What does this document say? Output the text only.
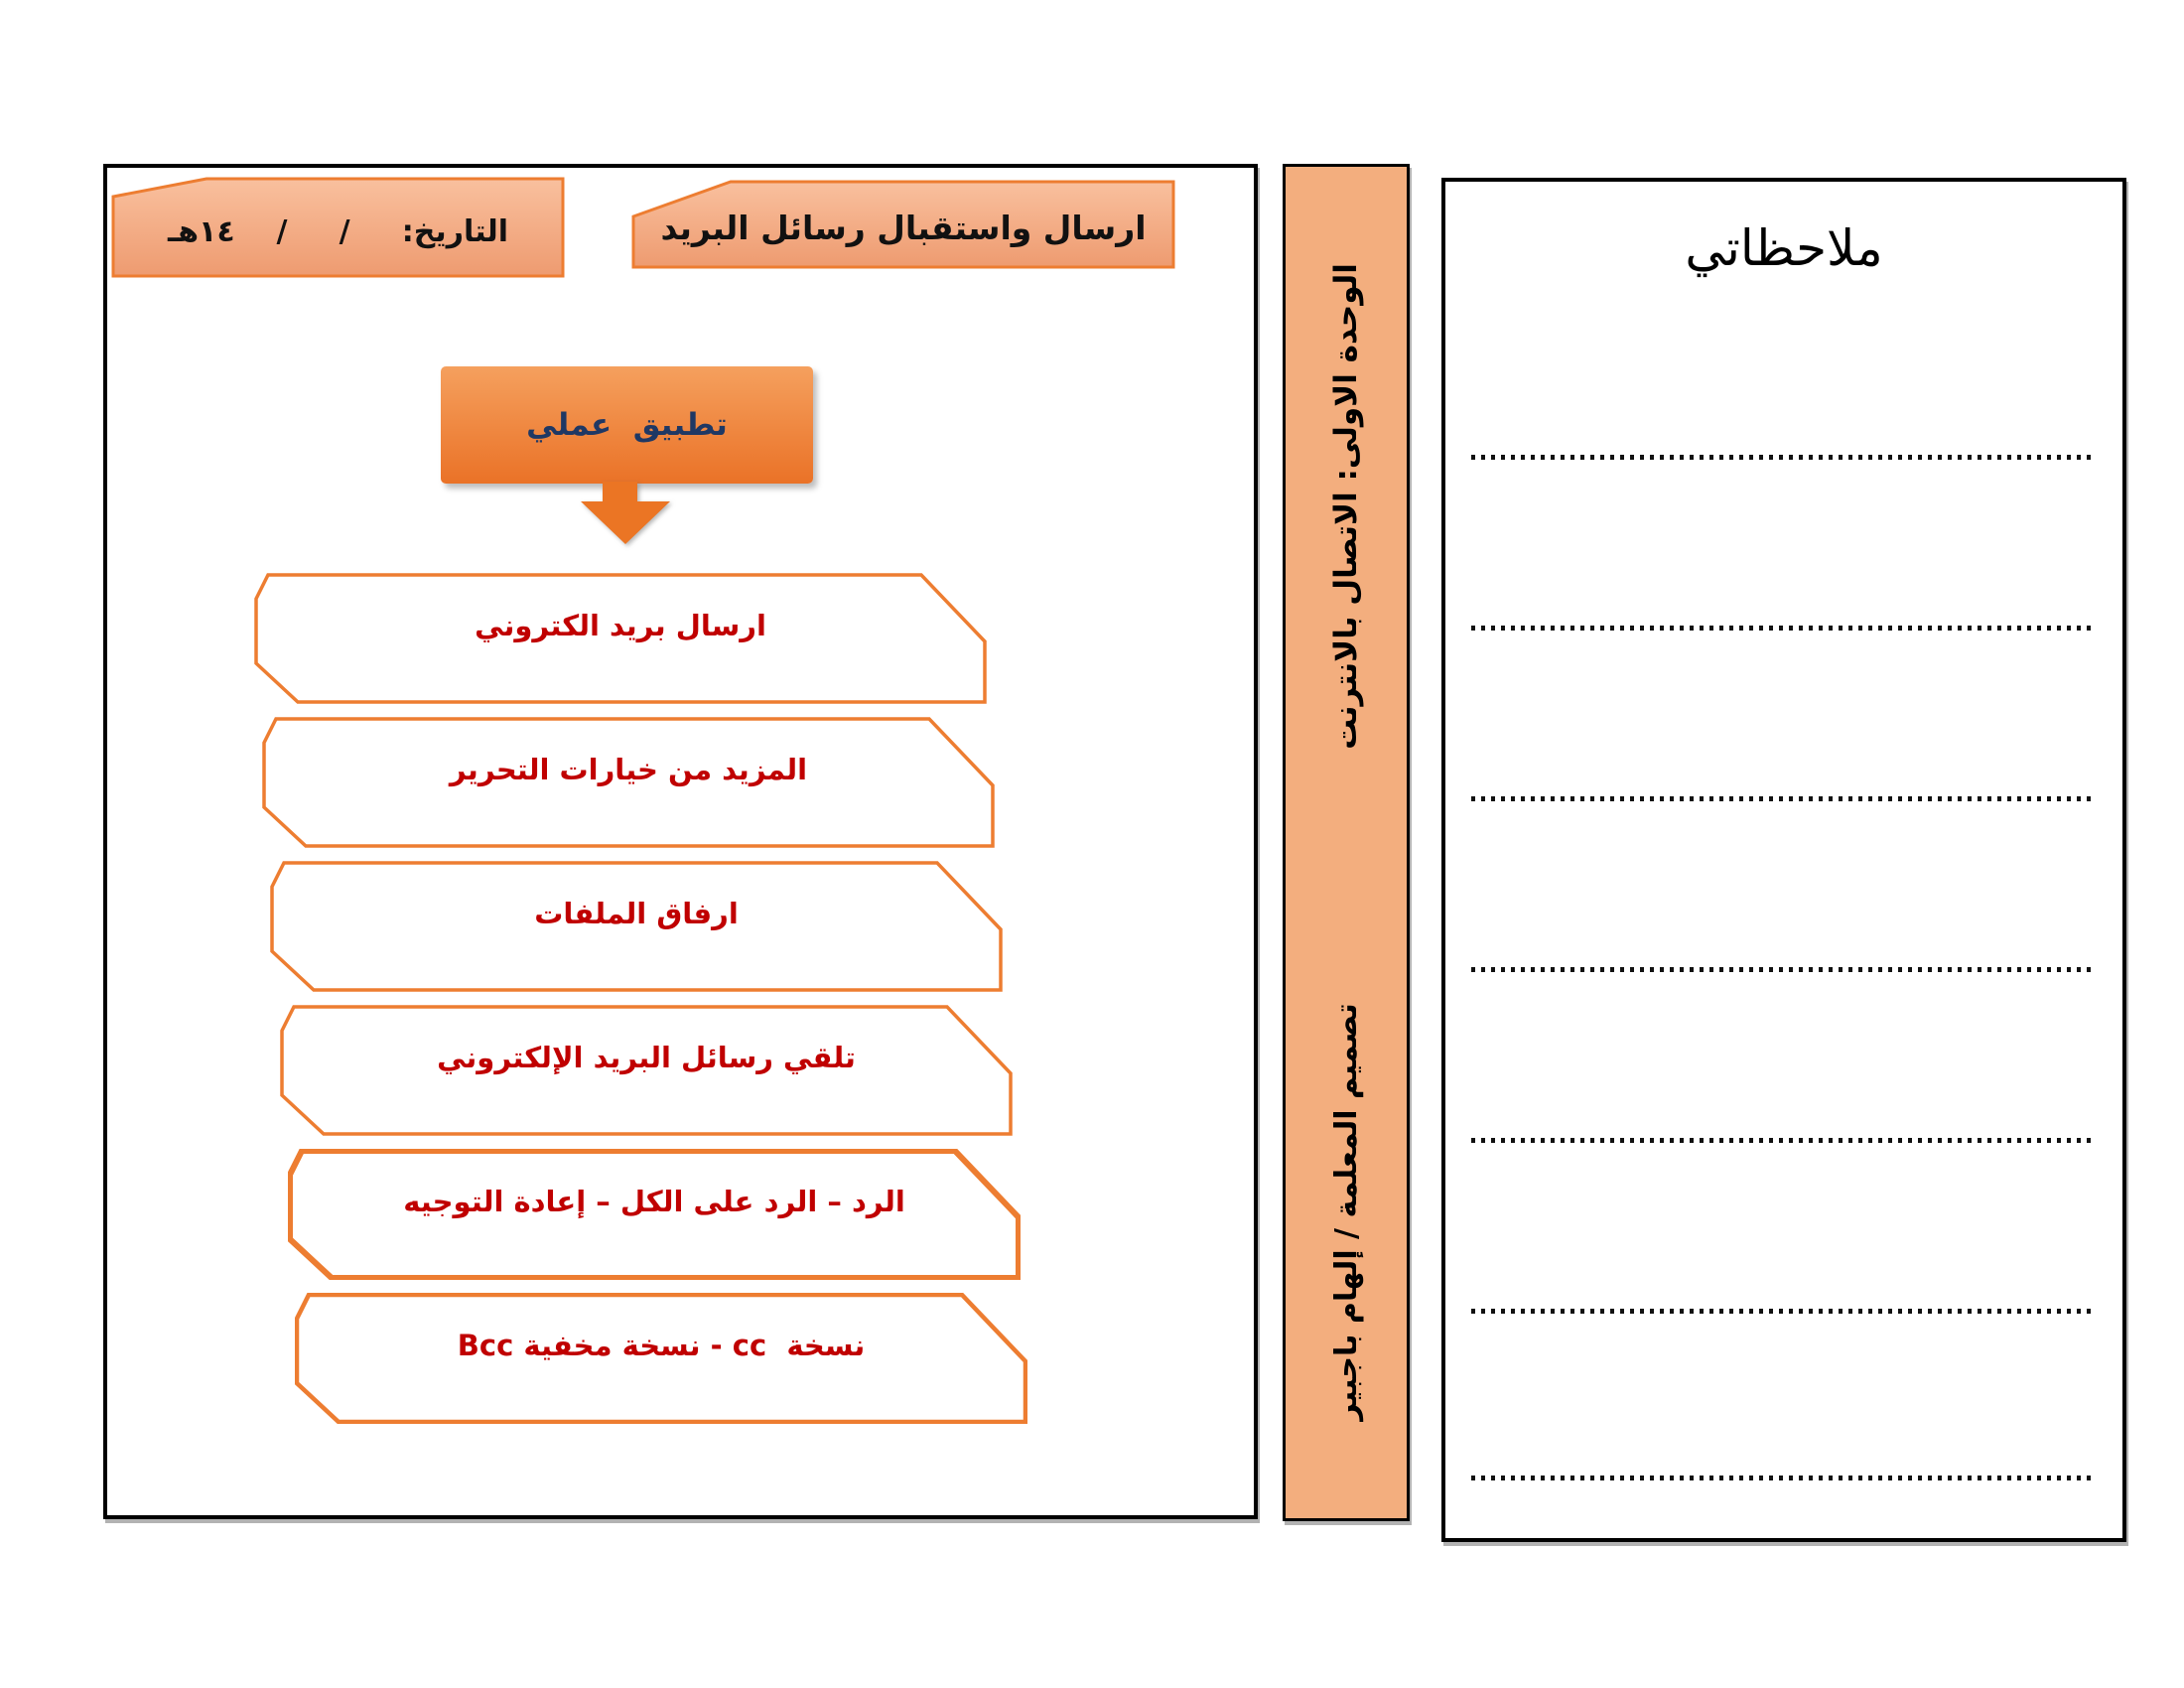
التاريخ:     /     /    ١٤هـ	ارسال واستقبال رسائل البريد
تطبيق  عملي
ارسال بريد الكتروني
المزيد من خيارات التحرير
ارفاق الملفات
تلقي رسائل البريد الإلكتروني
الرد – الرد على الكل – إعادة التوجيه
نسخة  cc - نسخة مخفية Bcc
الوحدة الاولى: الاتصال بالانترنت
تصميم المعلمة / إلهام باجبير
ملاحظاتي
